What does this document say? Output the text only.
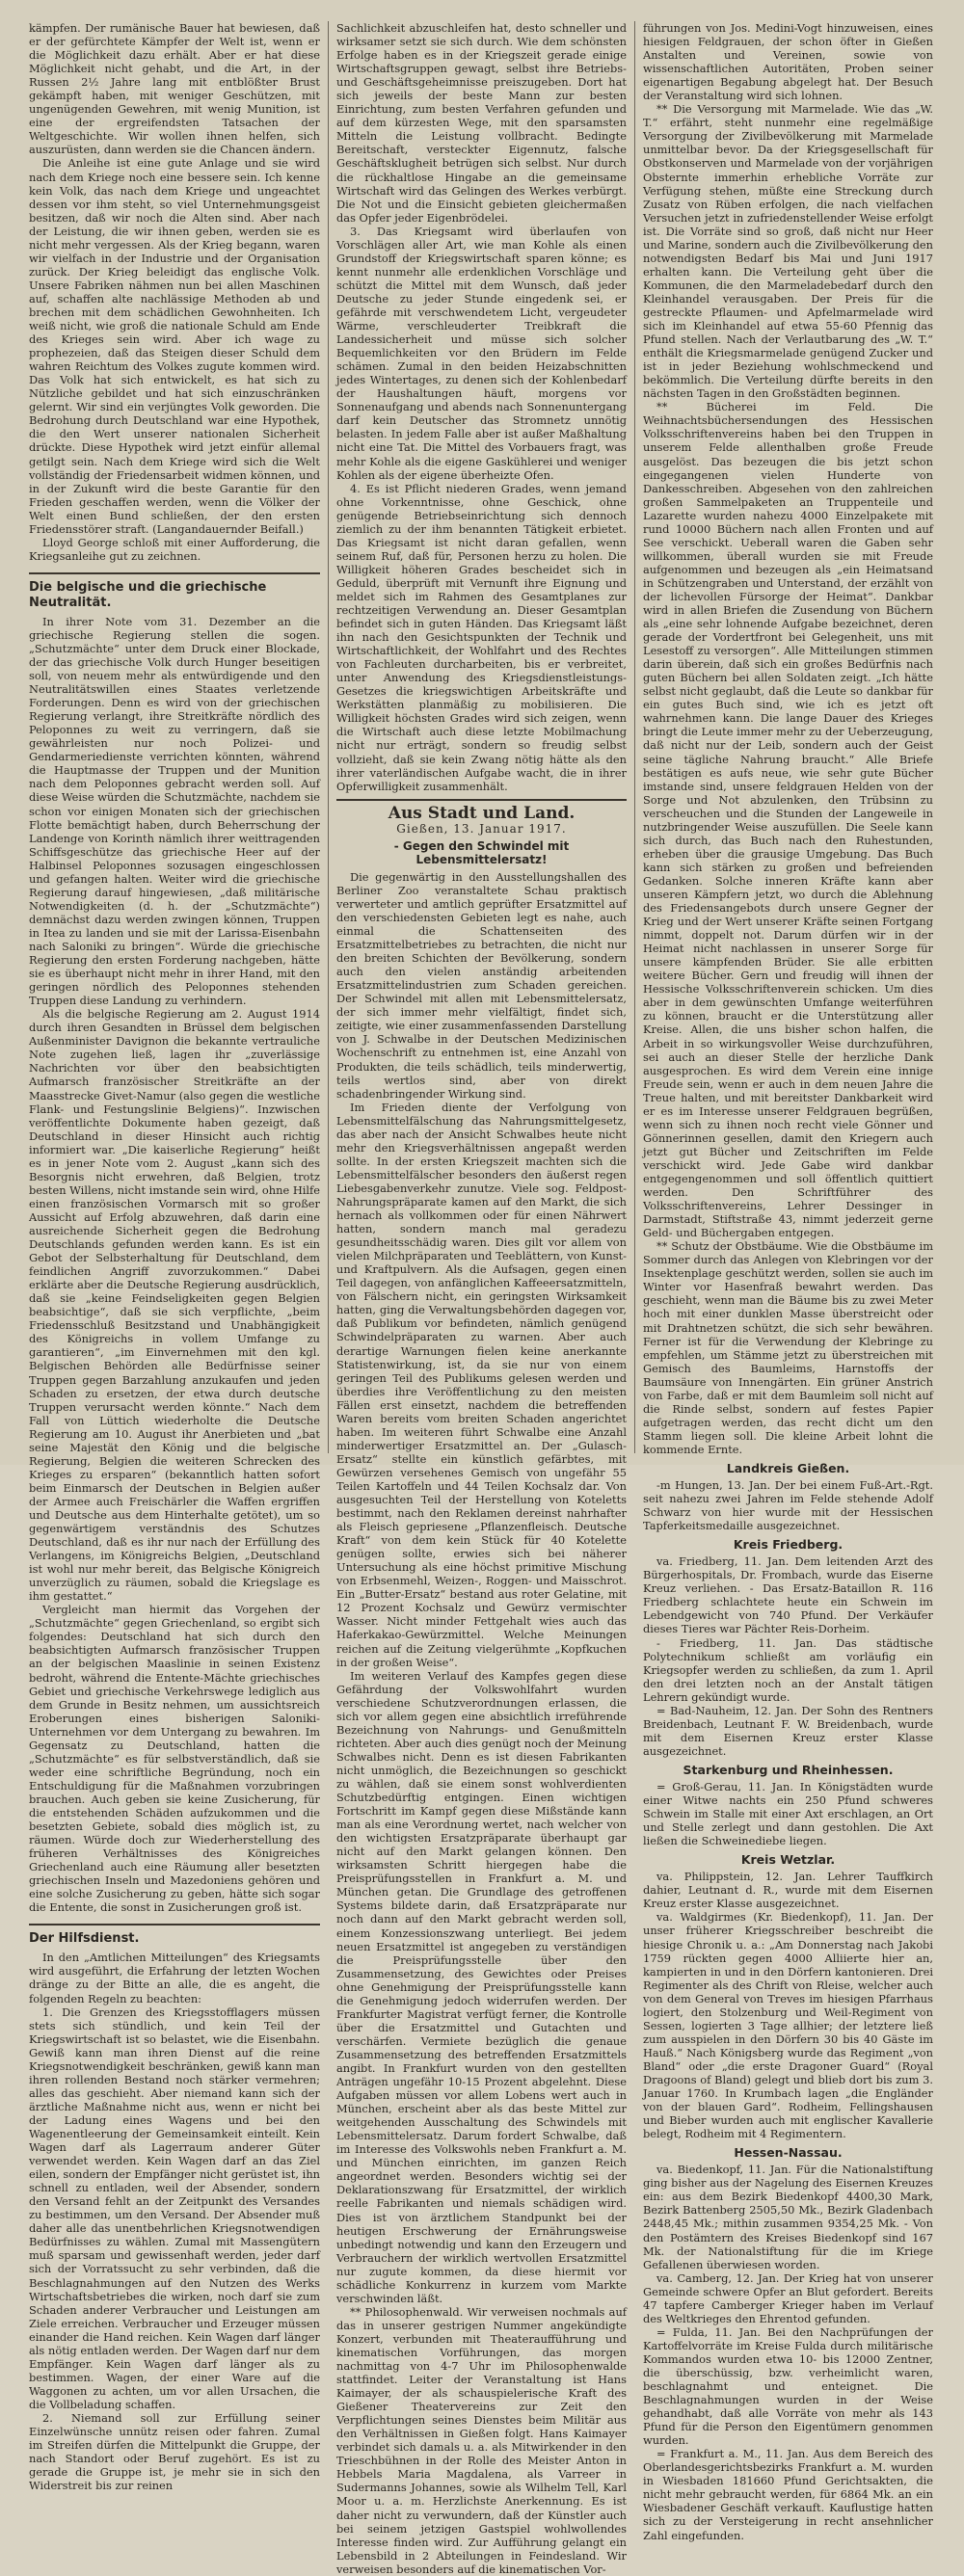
kämpfen. Der rumänische Bauer hat bewiesen, daß er der gefürchtete Kämpfer der Welt ist, wenn er die Möglichkeit dazu erhält. Aber er hat diese Möglichkeit nicht gehabt, und die Art, in der Russen 2½ Jahre lang mit entblößter Brust gekämpft haben, mit weniger Geschützen, mit ungenügenden Gewehren, mit wenig Munition, ist eine der ergreifendsten Tatsachen der Weltgeschichte. Wir wollen ihnen helfen, sich auszurüsten, dann werden sie die Chancen ändern.

Die Anleihe ist eine gute Anlage und sie wird nach dem Kriege noch eine bessere sein. Ich kenne kein Volk, das nach dem Kriege und ungeachtet dessen vor ihm steht, so viel Unternehmungsgeist besitzen, daß wir noch die Alten sind. Aber nach der Leistung, die wir ihnen geben, werden sie es nicht mehr vergessen. Als der Krieg begann, waren wir vielfach in der Industrie und der Organisation zurück. Der Krieg beleidigt das englische Volk. Unsere Fabriken nähmen nun bei allen Maschinen auf, schaffen alte nachlässige Methoden ab und brechen mit dem schädlichen Gewohnheiten. Ich weiß nicht, wie groß die nationale Schuld am Ende des Krieges sein wird. Aber ich wage zu prophezeien, daß das Steigen dieser Schuld dem wahren Reichtum des Volkes zugute kommen wird. Das Volk hat sich entwickelt, es hat sich zu Nützliche gebildet und hat sich einzuschränken gelernt. Wir sind ein verjüngtes Volk geworden. Die Bedrohung durch Deutschland war eine Hypothek, die den Wert unserer nationalen Sicherheit drückte. Diese Hypothek wird jetzt einfür allemal getilgt sein. Nach dem Kriege wird sich die Welt vollständig der Friedensarbeit widmen können, und in der Zukunft wird die beste Garantie für den Frieden geschaffen werden, wenn die Völker der Welt einen Bund schließen, der den ersten Friedensstörer straft. (Langandauernder Beifall.)

Lloyd George schloß mit einer Aufforderung, die Kriegsanleihe gut zu zeichnen.

Die belgische und die griechische Neutralität.

In ihrer Note vom 31. Dezember an die griechische Regierung stellen die sogen. „Schutzmächte“ unter dem Druck einer Blockade, der das griechische Volk durch Hunger beseitigen soll, von neuem mehr als entwürdigende und den Neutralitätswillen eines Staates verletzende Forderungen. Denn es wird von der griechischen Regierung verlangt, ihre Streitkräfte nördlich des Peloponnes zu weit zu verringern, daß sie gewährleisten nur noch Polizei- und Gendarmeriedienste verrichten könnten, während die Hauptmasse der Truppen und der Munition nach dem Peloponnes gebracht werden soll. Auf diese Weise würden die Schutzmächte, nachdem sie schon vor einigen Monaten sich der griechischen Flotte bemächtigt haben, durch Beherrschung der Landenge von Korinth nämlich ihrer weittragenden Schiffsgeschütze das griechische Heer auf der Halbinsel Peloponnes sozusagen eingeschlossen und gefangen halten. Weiter wird die griechische Regierung darauf hingewiesen, „daß militärische Notwendigkeiten (d. h. der „Schutzmächte“) demnächst dazu werden zwingen können, Truppen in Itea zu landen und sie mit der Larissa-Eisenbahn nach Saloniki zu bringen“. Würde die griechische Regierung den ersten Forderung nachgeben, hätte sie es überhaupt nicht mehr in ihrer Hand, mit den geringen nördlich des Peloponnes stehenden Truppen diese Landung zu verhindern.

Als die belgische Regierung am 2. August 1914 durch ihren Gesandten in Brüssel dem belgischen Außenminister Davignon die bekannte vertrauliche Note zugehen ließ, lagen ihr „zuverlässige Nachrichten vor über den beabsichtigten Aufmarsch französischer Streitkräfte an der Maasstrecke Givet-Namur (also gegen die westliche Flank- und Festungslinie Belgiens)“. Inzwischen veröffentlichte Dokumente haben gezeigt, daß Deutschland in dieser Hinsicht auch richtig informiert war. „Die kaiserliche Regierung“ heißt es in jener Note vom 2. August „kann sich des Besorgnis nicht erwehren, daß Belgien, trotz besten Willens, nicht imstande sein wird, ohne Hilfe einen französischen Vormarsch mit so großer Aussicht auf Erfolg abzuwehren, daß darin eine ausreichende Sicherheit gegen die Bedrohung Deutschlands gefunden werden kann. Es ist ein Gebot der Selbsterhaltung für Deutschland, dem feindlichen Angriff zuvorzukommen.“ Dabei erklärte aber die Deutsche Regierung ausdrücklich, daß sie „keine Feindseligkeiten gegen Belgien beabsichtige“, daß sie sich verpflichte, „beim Friedensschluß Besitzstand und Unabhängigkeit des Königreichs in vollem Umfange zu garantieren“, „im Einvernehmen mit den kgl. Belgischen Behörden alle Bedürfnisse seiner Truppen gegen Barzahlung anzukaufen und jeden Schaden zu ersetzen, der etwa durch deutsche Truppen verursacht werden könnte.“ Nach dem Fall von Lüttich wiederholte die Deutsche Regierung am 10. August ihr Anerbieten und „bat seine Majestät den König und die belgische Regierung, Belgien die weiteren Schrecken des Krieges zu ersparen“ (bekanntlich hatten sofort beim Einmarsch der Deutschen in Belgien außer der Armee auch Freischärler die Waffen ergriffen und Deutsche aus dem Hinterhalte getötet), um so gegenwärtigem verständnis des Schutzes Deutschland, daß es ihr nur nach der Erfüllung des Verlangens, im Königreichs Belgien, „Deutschland ist wohl nur mehr bereit, das Belgische Königreich unverzüglich zu räumen, sobald die Kriegslage es ihm gestattet.“

Vergleicht man hiermit das Vorgehen der „Schutzmächte“ gegen Griechenland, so ergibt sich folgendes: Deutschland hat sich durch den beabsichtigten Aufmarsch französischer Truppen an der belgischen Maaslinie in seinen Existenz bedroht, während die Entente-Mächte griechisches Gebiet und griechische Verkehrswege lediglich aus dem Grunde in Besitz nehmen, um aussichtsreich Eroberungen eines bisherigen Saloniki-Unternehmen vor dem Untergang zu bewahren. Im Gegensatz zu Deutschland, hatten die „Schutzmächte“ es für selbstverständlich, daß sie weder eine schriftliche Begründung, noch ein Entschuldigung für die Maßnahmen vorzubringen brauchen. Auch geben sie keine Zusicherung, für die entstehenden Schäden aufzukommen und die besetzten Gebiete, sobald dies möglich ist, zu räumen. Würde doch zur Wiederherstellung des früheren Verhältnisses des Königreiches Griechenland auch eine Räumung aller besetzten griechischen Inseln und Mazedoniens gehören und eine solche Zusicherung zu geben, hätte sich sogar die Entente, die sonst in Zusicherungen groß ist.

Der Hilfsdienst.

In den „Amtlichen Mitteilungen“ des Kriegsamts wird ausgeführt, die Erfahrung der letzten Wochen dränge zu der Bitte an alle, die es angeht, die folgenden Regeln zu beachten:

1. Die Grenzen des Kriegsstofflagers müssen stets sich stündlich, und kein Teil der Kriegswirtschaft ist so belastet, wie die Eisenbahn. Gewiß kann man ihren Dienst auf die reine Kriegsnotwendigkeit beschränken, gewiß kann man ihren rollenden Bestand noch stärker vermehren; alles das geschieht. Aber niemand kann sich der ärztliche Maßnahme nicht aus, wenn er nicht bei der Ladung eines Wagens und bei den Wagenentleerung der Gemeinsamkeit einteilt. Kein Wagen darf als Lagerraum anderer Güter verwendet werden. Kein Wagen darf an das Ziel eilen, sondern der Empfänger nicht gerüstet ist, ihn schnell zu entladen, weil der Absender, sondern den Versand fehlt an der Zeitpunkt des Versandes zu bestimmen, um den Versand. Der Absender muß daher alle das unentbehrlichen Kriegsnotwendigen Bedürfnisses zu wählen. Zumal mit Massengütern muß sparsam und gewissenhaft werden, jeder darf sich der Vorratssucht zu sehr verbinden, daß die Beschlagnahmungen auf den Nutzen des Werks Wirtschaftsbetriebes die wirken, noch darf sie zum Schaden anderer Verbraucher und Leistungen am Ziele erreichen. Verbraucher und Erzeuger müssen einander die Hand reichen. Kein Wagen darf länger als nötig entladen werden. Der Wagen darf nur dem Empfänger. Kein Wagen darf länger als zu bestimmen. Wagen, der einer Ware auf die Waggonen zu achten, um vor allen Ursachen, die die Vollbeladung schaffen.

2. Niemand soll zur Erfüllung seiner Einzelwünsche unnütz reisen oder fahren. Zumal im Streifen dürfen die Mittelpunkt die Gruppe, der nach Standort oder Beruf zugehört. Es ist zu gerade die Gruppe ist, je mehr sie in sich den Widerstreit bis zur reinen

Sachlichkeit abzuschleifen hat, desto schneller und wirksamer setzt sie sich durch. Wie dem schönsten Erfolge haben es in der Kriegszeit gerade einige Wirtschaftsgruppen gewagt, selbst ihre Betriebs- und Geschäftsgeheimnisse preiszugeben. Dort hat sich jeweils der beste Mann zur besten Einrichtung, zum besten Verfahren gefunden und auf dem kürzesten Wege, mit den sparsamsten Mitteln die Leistung vollbracht. Bedingte Bereitschaft, versteckter Eigennutz, falsche Geschäftsklugheit betrügen sich selbst. Nur durch die rückhaltlose Hingabe an die gemeinsame Wirtschaft wird das Gelingen des Werkes verbürgt. Die Not und die Einsicht gebieten gleichermaßen das Opfer jeder Eigenbrödelei.

3. Das Kriegsamt wird überlaufen von Vorschlägen aller Art, wie man Kohle als einen Grundstoff der Kriegswirtschaft sparen könne; es kennt nunmehr alle erdenklichen Vorschläge und schützt die Mittel mit dem Wunsch, daß jeder Deutsche zu jeder Stunde eingedenk sei, er gefährde mit verschwendetem Licht, vergeudeter Wärme, verschleuderter Treibkraft die Landessicherheit und müsse sich solcher Bequemlichkeiten vor den Brüdern im Felde schämen. Zumal in den beiden Heizabschnitten jedes Wintertages, zu denen sich der Kohlenbedarf der Haushaltungen häuft, morgens vor Sonnenaufgang und abends nach Sonnenuntergang darf kein Deutscher das Stromnetz unnötig belasten. In jedem Falle aber ist außer Maßhaltung nicht eine Tat. Die Mittel des Vorbauers fragt, was mehr Kohle als die eigene Gaskühlerei und weniger Kohlen als der eigene überheizte Ofen.

4. Es ist Pflicht niederen Grades, wenn jemand ohne Vorkenntnisse, ohne Geschick, ohne genügende Betriebseinrichtung sich dennoch ziemlich zu der ihm benannten Tätigkeit erbietet. Das Kriegsamt ist nicht daran gefallen, wenn seinem Ruf, daß für, Personen herzu zu holen. Die Willigkeit höheren Grades bescheidet sich in Geduld, überprüft mit Vernunft ihre Eignung und meldet sich im Rahmen des Gesamtplanes zur rechtzeitigen Verwendung an. Dieser Gesamtplan befindet sich in guten Händen. Das Kriegsamt läßt ihn nach den Gesichtspunkten der Technik und Wirtschaftlichkeit, der Wohlfahrt und des Rechtes von Fachleuten durcharbeiten, bis er verbreitet, unter Anwendung des Kriegsdienstleistungs-Gesetzes die kriegswichtigen Arbeitskräfte und Werkstätten planmäßig zu mobilisieren. Die Willigkeit höchsten Grades wird sich zeigen, wenn die Wirtschaft auch diese letzte Mobilmachung nicht nur erträgt, sondern so freudig selbst vollzieht, daß sie kein Zwang nötig hätte als den ihrer vaterländischen Aufgabe wacht, die in ihrer Opferwilligkeit zusammenhält.

Aus Stadt und Land.
Gießen, 13. Januar 1917.
- Gegen den Schwindel mit Lebensmittelersatz!

Die gegenwärtig in den Ausstellungshallen des Berliner Zoo veranstaltete Schau praktisch verwerteter und amtlich geprüfter Ersatzmittel auf den verschiedensten Gebieten legt es nahe, auch einmal die Schattenseiten des Ersatzmittelbetriebes zu betrachten, die nicht nur den breiten Schichten der Bevölkerung, sondern auch den vielen anständig arbeitenden Ersatzmittelindustrien zum Schaden gereichen. Der Schwindel mit allen mit Lebensmittelersatz, der sich immer mehr vielfältigt, findet sich, zeitigte, wie einer zusammenfassenden Darstellung von J. Schwalbe in der Deutschen Medizinischen Wochenschrift zu entnehmen ist, eine Anzahl von Produkten, die teils schädlich, teils minderwertig, teils wertlos sind, aber von direkt schadenbringender Wirkung sind.

Im Frieden diente der Verfolgung von Lebensmittelfälschung das Nahrungsmittelgesetz, das aber nach der Ansicht Schwalbes heute nicht mehr den Kriegsverhältnissen angepaßt werden sollte. In der ersten Kriegszeit machten sich die Lebensmittelfälscher besonders den äußerst regen Liebesgabenverkehr zunutze. Viele sog. Feldpost-Nahrungspräparate kamen auf den Markt, die sich hernach als vollkommen oder für einen Nährwert hatten, sondern manch mal geradezu gesundheitsschädig waren. Dies gilt vor allem von vielen Milchpräparaten und Teeblättern, von Kunst- und Kraftpulvern. Als die Aufsagen, gegen einen Teil dagegen, von anfänglichen Kaffeeersatzmitteln, von Fälschern nicht, ein geringsten Wirksamkeit hatten, ging die Verwaltungsbehörden dagegen vor, daß Publikum vor befindeten, nämlich genügend Schwindelpräparaten zu warnen. Aber auch derartige Warnungen fielen keine anerkannte Statistenwirkung, ist, da sie nur von einem geringen Teil des Publikums gelesen werden und überdies ihre Veröffentlichung zu den meisten Fällen erst einsetzt, nachdem die betreffenden Waren bereits vom breiten Schaden angerichtet haben. Im weiteren führt Schwalbe eine Anzahl minderwertiger Ersatzmittel an. Der „Gulasch-Ersatz“ stellte ein künstlich gefärbtes, mit Gewürzen versehenes Gemisch von ungefähr 55 Teilen Kartoffeln und 44 Teilen Kochsalz dar. Von ausgesuchten Teil der Herstellung von Koteletts bestimmt, nach den Reklamen dereinst nahrhafter als Fleisch gepriesene „Pflanzenfleisch. Deutsche Kraft“ von dem kein Stück für 40 Kotelette genügen sollte, erwies sich bei näherer Untersuchung als eine höchst primitive Mischung von Erbsenmehl, Weizen-, Roggen- und Maisschrot. Ein „Butter-Ersatz“ bestand aus roter Gelatine, mit 12 Prozent Kochsalz und Gewürz vermischter Wasser. Nicht minder Fettgehalt wies auch das Haferkakao-Gewürzmittel. Welche Meinungen reichen auf die Zeitung vielgerühmte „Kopfkuchen in der großen Weise“.

Im weiteren Verlauf des Kampfes gegen diese Gefährdung der Volkswohlfahrt wurden verschiedene Schutzverordnungen erlassen, die sich vor allem gegen eine absichtlich irreführende Bezeichnung von Nahrungs- und Genußmitteln richteten. Aber auch dies genügt noch der Meinung Schwalbes nicht. Denn es ist diesen Fabrikanten nicht unmöglich, die Bezeichnungen so geschickt zu wählen, daß sie einem sonst wohlverdienten Schutzbedürftig entgingen. Einen wichtigen Fortschritt im Kampf gegen diese Mißstände kann man als eine Verordnung wertet, nach welcher von den wichtigsten Ersatzpräparate überhaupt gar nicht auf den Markt gelangen können. Den wirksamsten Schritt hiergegen habe die Preisprüfungsstellen in Frankfurt a. M. und München getan. Die Grundlage des getroffenen Systems bildete darin, daß Ersatzpräparate nur noch dann auf den Markt gebracht werden soll, einem Konzessionszwang unterliegt. Bei jedem neuen Ersatzmittel ist angegeben zu verständigen die Preisprüfungsstelle über den Zusammensetzung, des Gewichtes oder Preises ohne Genehmigung der Preisprüfungsstelle kann die Genehmigung jedoch widerrufen werden. Der Frankfurter Magistrat verfügt ferner, die Kontrolle über die Ersatzmittel und Gutachten und verschärfen. Vermiete bezüglich die genaue Zusammensetzung des betreffenden Ersatzmittels angibt. In Frankfurt wurden von den gestellten Anträgen ungefähr 10-15 Prozent abgelehnt. Diese Aufgaben müssen vor allem Lobens wert auch in München, erscheint aber als das beste Mittel zur weitgehenden Ausschaltung des Schwindels mit Lebensmittelersatz. Darum fordert Schwalbe, daß im Interesse des Volkswohls neben Frankfurt a. M. und München einrichten, im ganzen Reich angeordnet werden. Besonders wichtig sei der Deklarationszwang für Ersatzmittel, der wirklich reelle Fabrikanten und niemals schädigen wird. Dies ist von ärztlichem Standpunkt bei der heutigen Erschwerung der Ernährungsweise unbedingt notwendig und kann den Erzeugern und Verbrauchern der wirklich wertvollen Ersatzmittel nur zugute kommen, da diese hiermit vor schädliche Konkurrenz in kurzem vom Markte verschwinden läßt.

** Philosophenwald. Wir verweisen nochmals auf das in unserer gestrigen Nummer angekündigte Konzert, verbunden mit Theateraufführung und kinematischen Vorführungen, das morgen nachmittag von 4-7 Uhr im Philosophenwalde stattfindet. Leiter der Veranstaltung ist Hans Kaimayer, der als schauspielerische Kraft des Gießener Theatervereins zur Zeit den Verpflichtungen seines Dienstes beim Militär aus den Verhältnissen in Gießen folgt. Hans Kaimayer verbindet sich damals u. a. als Mitwirkender in den Trieschbühnen in der Rolle des Meister Anton in Hebbels Maria Magdalena, als Varreer in Sudermanns Johannes, sowie als Wilhelm Tell, Karl Moor u. a. m. Herzlichste Anerkennung. Es ist daher nicht zu verwundern, daß der Künstler auch bei seinem jetzigen Gastspiel wohlwollendes Interesse finden wird. Zur Aufführung gelangt ein Lebensbild in 2 Abteilungen in Feindesland. Wir verweisen besonders auf die kinematischen Vor-

führungen von Jos. Medini-Vogt hinzuweisen, eines hiesigen Feldgrauen, der schon öfter in Gießen Anstalten und Vereinen, sowie von wissenschaftlichen Autoritäten, Proben seiner eigenartigen Begabung abgelegt hat. Der Besuch der Veranstaltung wird sich lohnen.

** Die Versorgung mit Marmelade. Wie das „W. T.“ erfährt, steht nunmehr eine regelmäßige Versorgung der Zivilbevölkerung mit Marmelade unmittelbar bevor. Da der Kriegsgesellschaft für Obstkonserven und Marmelade von der vorjährigen Obsternte immerhin erhebliche Vorräte zur Verfügung stehen, müßte eine Streckung durch Zusatz von Rüben erfolgen, die nach vielfachen Versuchen jetzt in zufriedenstellender Weise erfolgt ist. Die Vorräte sind so groß, daß nicht nur Heer und Marine, sondern auch die Zivilbevölkerung den notwendigsten Bedarf bis Mai und Juni 1917 erhalten kann. Die Verteilung geht über die Kommunen, die den Marmeladebedarf durch den Kleinhandel verausgaben. Der Preis für die gestreckte Pflaumen- und Apfelmarmelade wird sich im Kleinhandel auf etwa 55-60 Pfennig das Pfund stellen. Nach der Verlautbarung des „W. T.“ enthält die Kriegsmarmelade genügend Zucker und ist in jeder Beziehung wohlschmeckend und bekömmlich. Die Verteilung dürfte bereits in den nächsten Tagen in den Großstädten beginnen.

** Bücherei im Feld. Die Weihnachtsbüchersendungen des Hessischen Volksschriftenvereins haben bei den Truppen in unserem Felde allenthalben große Freude ausgelöst. Das bezeugen die bis jetzt schon eingegangenen vielen Hunderte von Dankesschreiben. Abgesehen von den zahlreichen großen Sammelpaketen an Truppenteile und Lazarette wurden nahezu 4000 Einzelpakete mit rund 10000 Büchern nach allen Fronten und auf See verschickt. Ueberall waren die Gaben sehr willkommen, überall wurden sie mit Freude aufgenommen und bezeugen als „ein Heimatsand in Schützengraben und Unterstand, der erzählt von der lichevollen Fürsorge der Heimat“. Dankbar wird in allen Briefen die Zusendung von Büchern als „eine sehr lohnende Aufgabe bezeichnet, deren gerade der Vordertfront bei Gelegenheit, uns mit Lesestoff zu versorgen“. Alle Mitteilungen stimmen darin überein, daß sich ein großes Bedürfnis nach guten Büchern bei allen Soldaten zeigt. „Ich hätte selbst nicht geglaubt, daß die Leute so dankbar für ein gutes Buch sind, wie ich es jetzt oft wahrnehmen kann. Die lange Dauer des Krieges bringt die Leute immer mehr zu der Ueberzeugung, daß nicht nur der Leib, sondern auch der Geist seine tägliche Nahrung braucht.“ Alle Briefe bestätigen es aufs neue, wie sehr gute Bücher imstande sind, unsere feldgrauen Helden von der Sorge und Not abzulenken, den Trübsinn zu verscheuchen und die Stunden der Langeweile in nutzbringender Weise auszufüllen. Die Seele kann sich durch, das Buch nach den Ruhestunden, erheben über die grausige Umgebung. Das Buch kann sich stärken zu großen und befreienden Gedanken. Solche inneren Kräfte kann aber unseren Kämpfern jetzt, wo durch die Ablehnung des Friedensangebots durch unsere Gegner der Krieg und der Wert unserer Kräfte seinen Fortgang nimmt, doppelt not. Darum dürfen wir in der Heimat nicht nachlassen in unserer Sorge für unsere kämpfenden Brüder. Sie alle erbitten weitere Bücher. Gern und freudig will ihnen der Hessische Volksschriftenverein schicken. Um dies aber in dem gewünschten Umfange weiterführen zu können, braucht er die Unterstützung aller Kreise. Allen, die uns bisher schon halfen, die Arbeit in so wirkungsvoller Weise durchzuführen, sei auch an dieser Stelle der herzliche Dank ausgesprochen. Es wird dem Verein eine innige Freude sein, wenn er auch in dem neuen Jahre die Treue halten, und mit bereitster Dankbarkeit wird er es im Interesse unserer Feldgrauen begrüßen, wenn sich zu ihnen noch recht viele Gönner und Gönnerinnen gesellen, damit den Kriegern auch jetzt gut Bücher und Zeitschriften im Felde verschickt wird. Jede Gabe wird dankbar entgegengenommen und soll öffentlich quittiert werden. Den Schriftführer des Volksschriftenvereins, Lehrer Dessinger in Darmstadt, Stiftstraße 43, nimmt jederzeit gerne Geld- und Büchergaben entgegen.

** Schutz der Obstbäume. Wie die Obstbäume im Sommer durch das Anlegen von Klebringen vor der Insektenplage geschützt werden, sollen sie auch im Winter vor Hasenfraß bewahrt werden. Das geschieht, wenn man die Bäume bis zu zwei Meter hoch mit einer dunklen Masse überstreicht oder mit Drahtnetzen schützt, die sich sehr bewähren. Ferner ist für die Verwendung der Klebringe zu empfehlen, um Stämme jetzt zu überstreichen mit Gemisch des Baumleims, Harnstoffs der Baumsäure von Innengärten. Ein grüner Anstrich von Farbe, daß er mit dem Baumleim soll nicht auf die Rinde selbst, sondern auf festes Papier aufgetragen werden, das recht dicht um den Stamm liegen soll. Die kleine Arbeit lohnt die kommende Ernte.

Landkreis Gießen.

-m Hungen, 13. Jan. Der bei einem Fuß-Art.-Rgt. seit nahezu zwei Jahren im Felde stehende Adolf Schwarz von hier wurde mit der Hessischen Tapferkeitsmedaille ausgezeichnet.

Kreis Friedberg.

va. Friedberg, 11. Jan. Dem leitenden Arzt des Bürgerhospitals, Dr. Frombach, wurde das Eiserne Kreuz verliehen. - Das Ersatz-Bataillon R. 116 Friedberg schlachtete heute ein Schwein im Lebendgewicht von 740 Pfund. Der Verkäufer dieses Tieres war Pächter Reis-Dorheim.

- Friedberg, 11. Jan. Das städtische Polytechnikum schließt am vorläufig ein Kriegsopfer werden zu schließen, da zum 1. April den drei letzten noch an der Anstalt tätigen Lehrern gekündigt wurde.

= Bad-Nauheim, 12. Jan. Der Sohn des Rentners Breidenbach, Leutnant F. W. Breidenbach, wurde mit dem Eisernen Kreuz erster Klasse ausgezeichnet.

Starkenburg und Rheinhessen.

= Groß-Gerau, 11. Jan. In Königstädten wurde einer Witwe nachts ein 250 Pfund schweres Schwein im Stalle mit einer Axt erschlagen, an Ort und Stelle zerlegt und dann gestohlen. Die Axt ließen die Schweinediebe liegen.

Kreis Wetzlar.

va. Philippstein, 12. Jan. Lehrer Tauffkirch dahier, Leutnant d. R., wurde mit dem Eisernen Kreuz erster Klasse ausgezeichnet.

va. Waldgirmes (Kr. Biedenkopf), 11. Jan. Der unser früherer Kriegsschreiber beschreibt die hiesige Chronik u. a.: „Am Donnerstag nach Jakobi 1759 rückten gegen 4000 Alliierte hier an, kampierten in und in den Dörfern kantonieren. Drei Regimenter als des Chrift von Rleise, welcher auch von dem General von Treves im hiesigen Pfarrhaus logiert, den Stolzenburg und Weil-Regiment von Sessen, logierten 3 Tage allhier; der letztere ließ zum ausspielen in den Dörfern 30 bis 40 Gäste im Hauß.“ Nach Königsberg wurde das Regiment „von Bland“ oder „die erste Dragoner Guard“ (Royal Dragoons of Bland) gelegt und blieb dort bis zum 3. Januar 1760. In Krumbach lagen „die Engländer von der blauen Gard“. Rodheim, Fellingshausen und Bieber wurden auch mit englischer Kavallerie belegt, Rodheim mit 4 Regimentern.

Hessen-Nassau.

va. Biedenkopf, 11. Jan. Für die Nationalstiftung ging bisher aus der Nagelung des Eisernen Kreuzes ein: aus dem Bezirk Biedenkopf 4400,30 Mark, Bezirk Battenberg 2505,50 Mk., Bezirk Gladenbach 2448,45 Mk.; mithin zusammen 9354,25 Mk. - Von den Postämtern des Kreises Biedenkopf sind 167 Mk. der Nationalstiftung für die im Kriege Gefallenen überwiesen worden.

va. Camberg, 12. Jan. Der Krieg hat von unserer Gemeinde schwere Opfer an Blut gefordert. Bereits 47 tapfere Camberger Krieger haben im Verlauf des Weltkrieges den Ehrentod gefunden.

= Fulda, 11. Jan. Bei den Nachprüfungen der Kartoffelvorräte im Kreise Fulda durch militärische Kommandos wurden etwa 10- bis 12000 Zentner, die überschüssig, bzw. verheimlicht waren, beschlagnahmt und enteignet. Die Beschlagnahmungen wurden in der Weise gehandhabt, daß alle Vorräte von mehr als 143 Pfund für die Person den Eigentümern genommen wurden.

= Frankfurt a. M., 11. Jan. Aus dem Bereich des Oberlandesgerichtsbezirks Frankfurt a. M. wurden in Wiesbaden 181660 Pfund Gerichtsakten, die nicht mehr gebraucht werden, für 6864 Mk. an ein Wiesbadener Geschäft verkauft. Kauflustige hatten sich zu der Versteigerung in recht ansehnlicher Zahl eingefunden.
